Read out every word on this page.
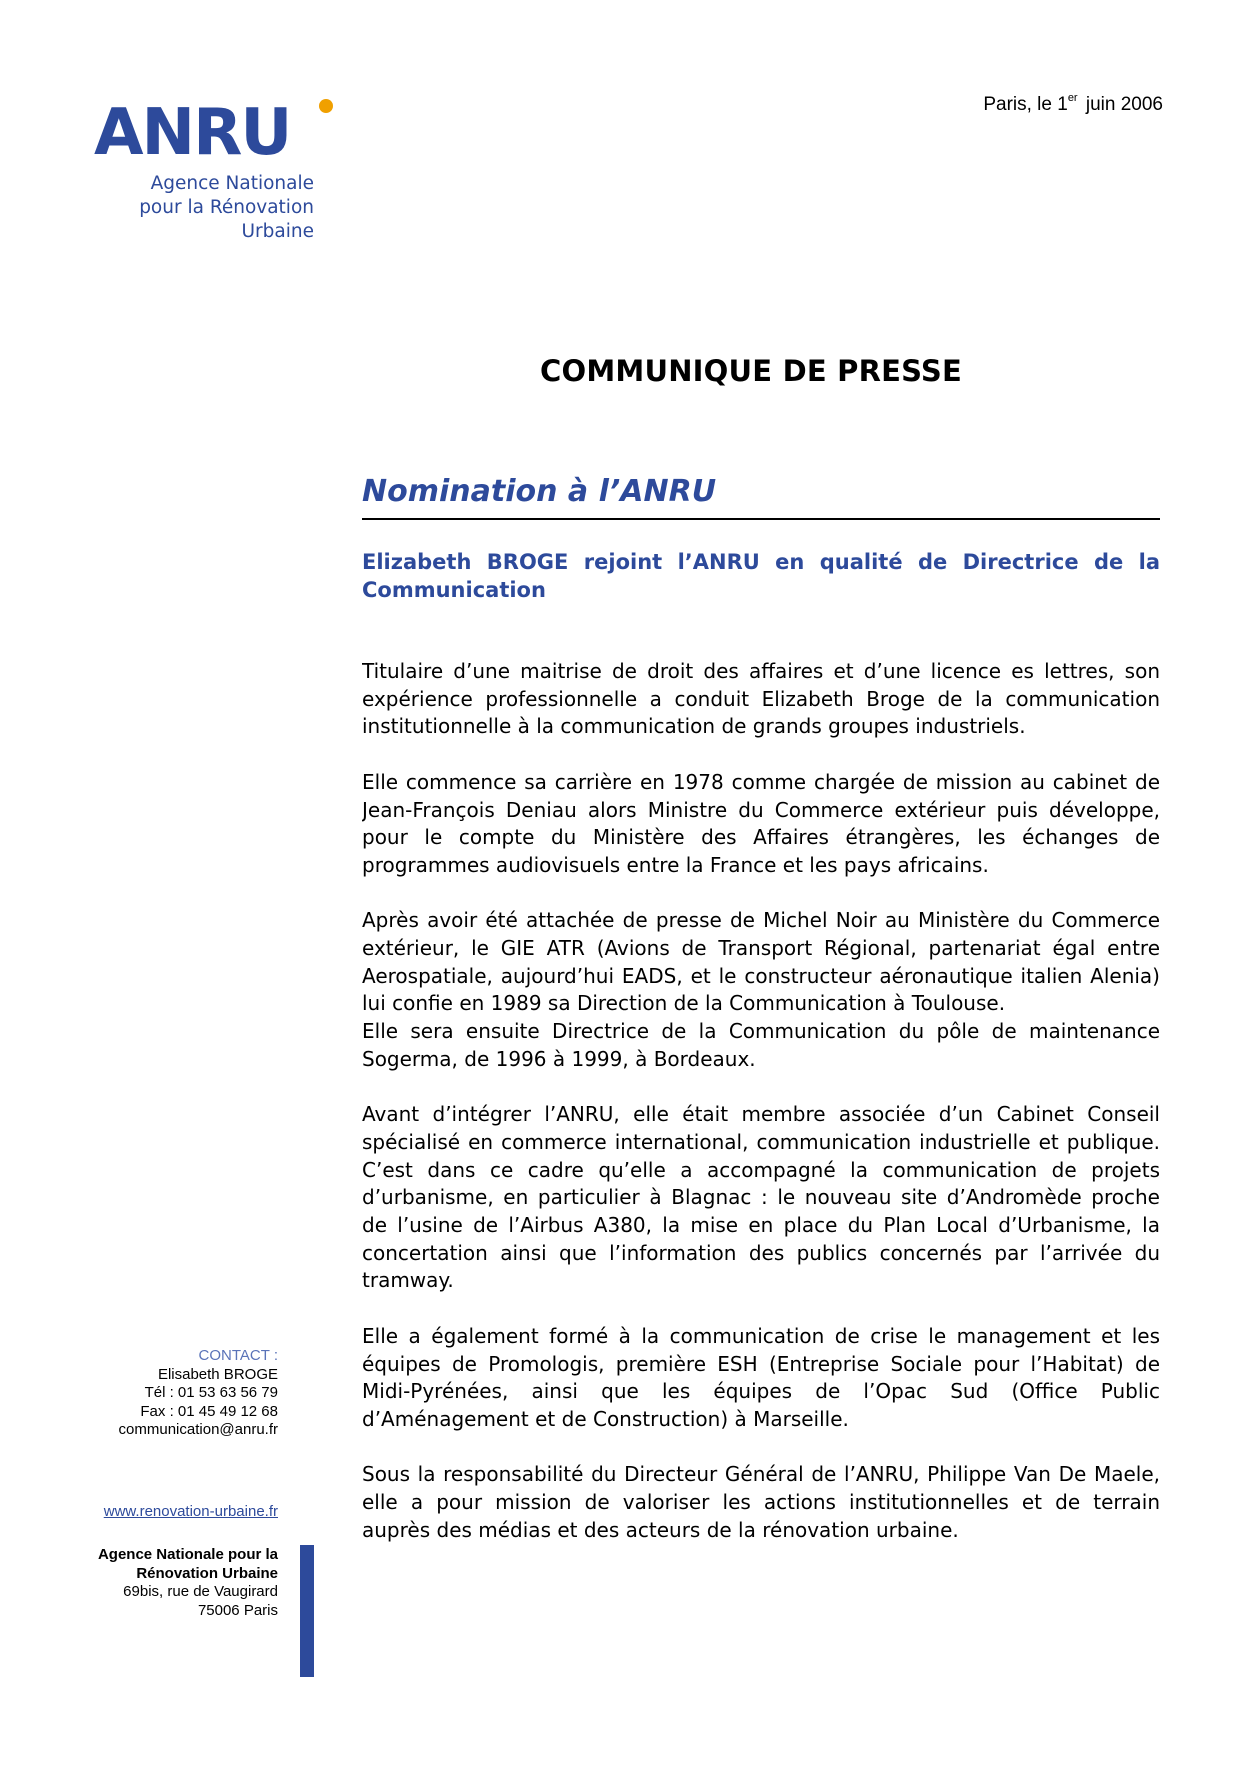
ANRU
Agence Nationale
pour la Rénovation
Urbaine
Paris, le 1er juin 2006
COMMUNIQUE DE PRESSE
Nomination à l’ANRU
Elizabeth BROGE rejoint l’ANRU en qualité de Directrice de la
Communication
Titulaire d’une maitrise de droit des affaires et d’une licence es lettres, son
expérience professionnelle a conduit Elizabeth Broge de la communication
institutionnelle à la communication de grands groupes industriels.
Elle commence sa carrière en 1978 comme chargée de mission au cabinet de
Jean-François Deniau alors Ministre du Commerce extérieur puis développe,
pour le compte du Ministère des Affaires étrangères, les échanges de
programmes audiovisuels entre la France et les pays africains.
Après avoir été attachée de presse de Michel Noir au Ministère du Commerce
extérieur, le GIE ATR (Avions de Transport Régional, partenariat égal entre
Aerospatiale, aujourd’hui EADS, et le constructeur aéronautique italien Alenia)
lui confie en 1989 sa Direction de la Communication à Toulouse.
Elle sera ensuite Directrice de la Communication du pôle de maintenance
Sogerma, de 1996 à 1999, à Bordeaux.
Avant d’intégrer l’ANRU, elle était membre associée d’un Cabinet Conseil
spécialisé en commerce international, communication industrielle et publique.
C’est dans ce cadre qu’elle a accompagné la communication de projets
d’urbanisme, en particulier à Blagnac : le nouveau site d’Andromède proche
de l’usine de l’Airbus A380, la mise en place du Plan Local d’Urbanisme, la
concertation ainsi que l’information des publics concernés par l’arrivée du
tramway.
Elle a également formé à la communication de crise le management et les
équipes de Promologis, première ESH (Entreprise Sociale pour l’Habitat) de
Midi-Pyrénées, ainsi que les équipes de l’Opac Sud (Office Public
d’Aménagement et de Construction) à Marseille.
Sous la responsabilité du Directeur Général de l’ANRU, Philippe Van De Maele,
elle a pour mission de valoriser les actions institutionnelles et de terrain
auprès des médias et des acteurs de la rénovation urbaine.
CONTACT :
Elisabeth BROGE
Tél : 01 53 63 56 79
Fax : 01 45 49 12 68
communication@anru.fr
www.renovation-urbaine.fr
Agence Nationale pour la
Rénovation Urbaine
69bis, rue de Vaugirard
75006 Paris
